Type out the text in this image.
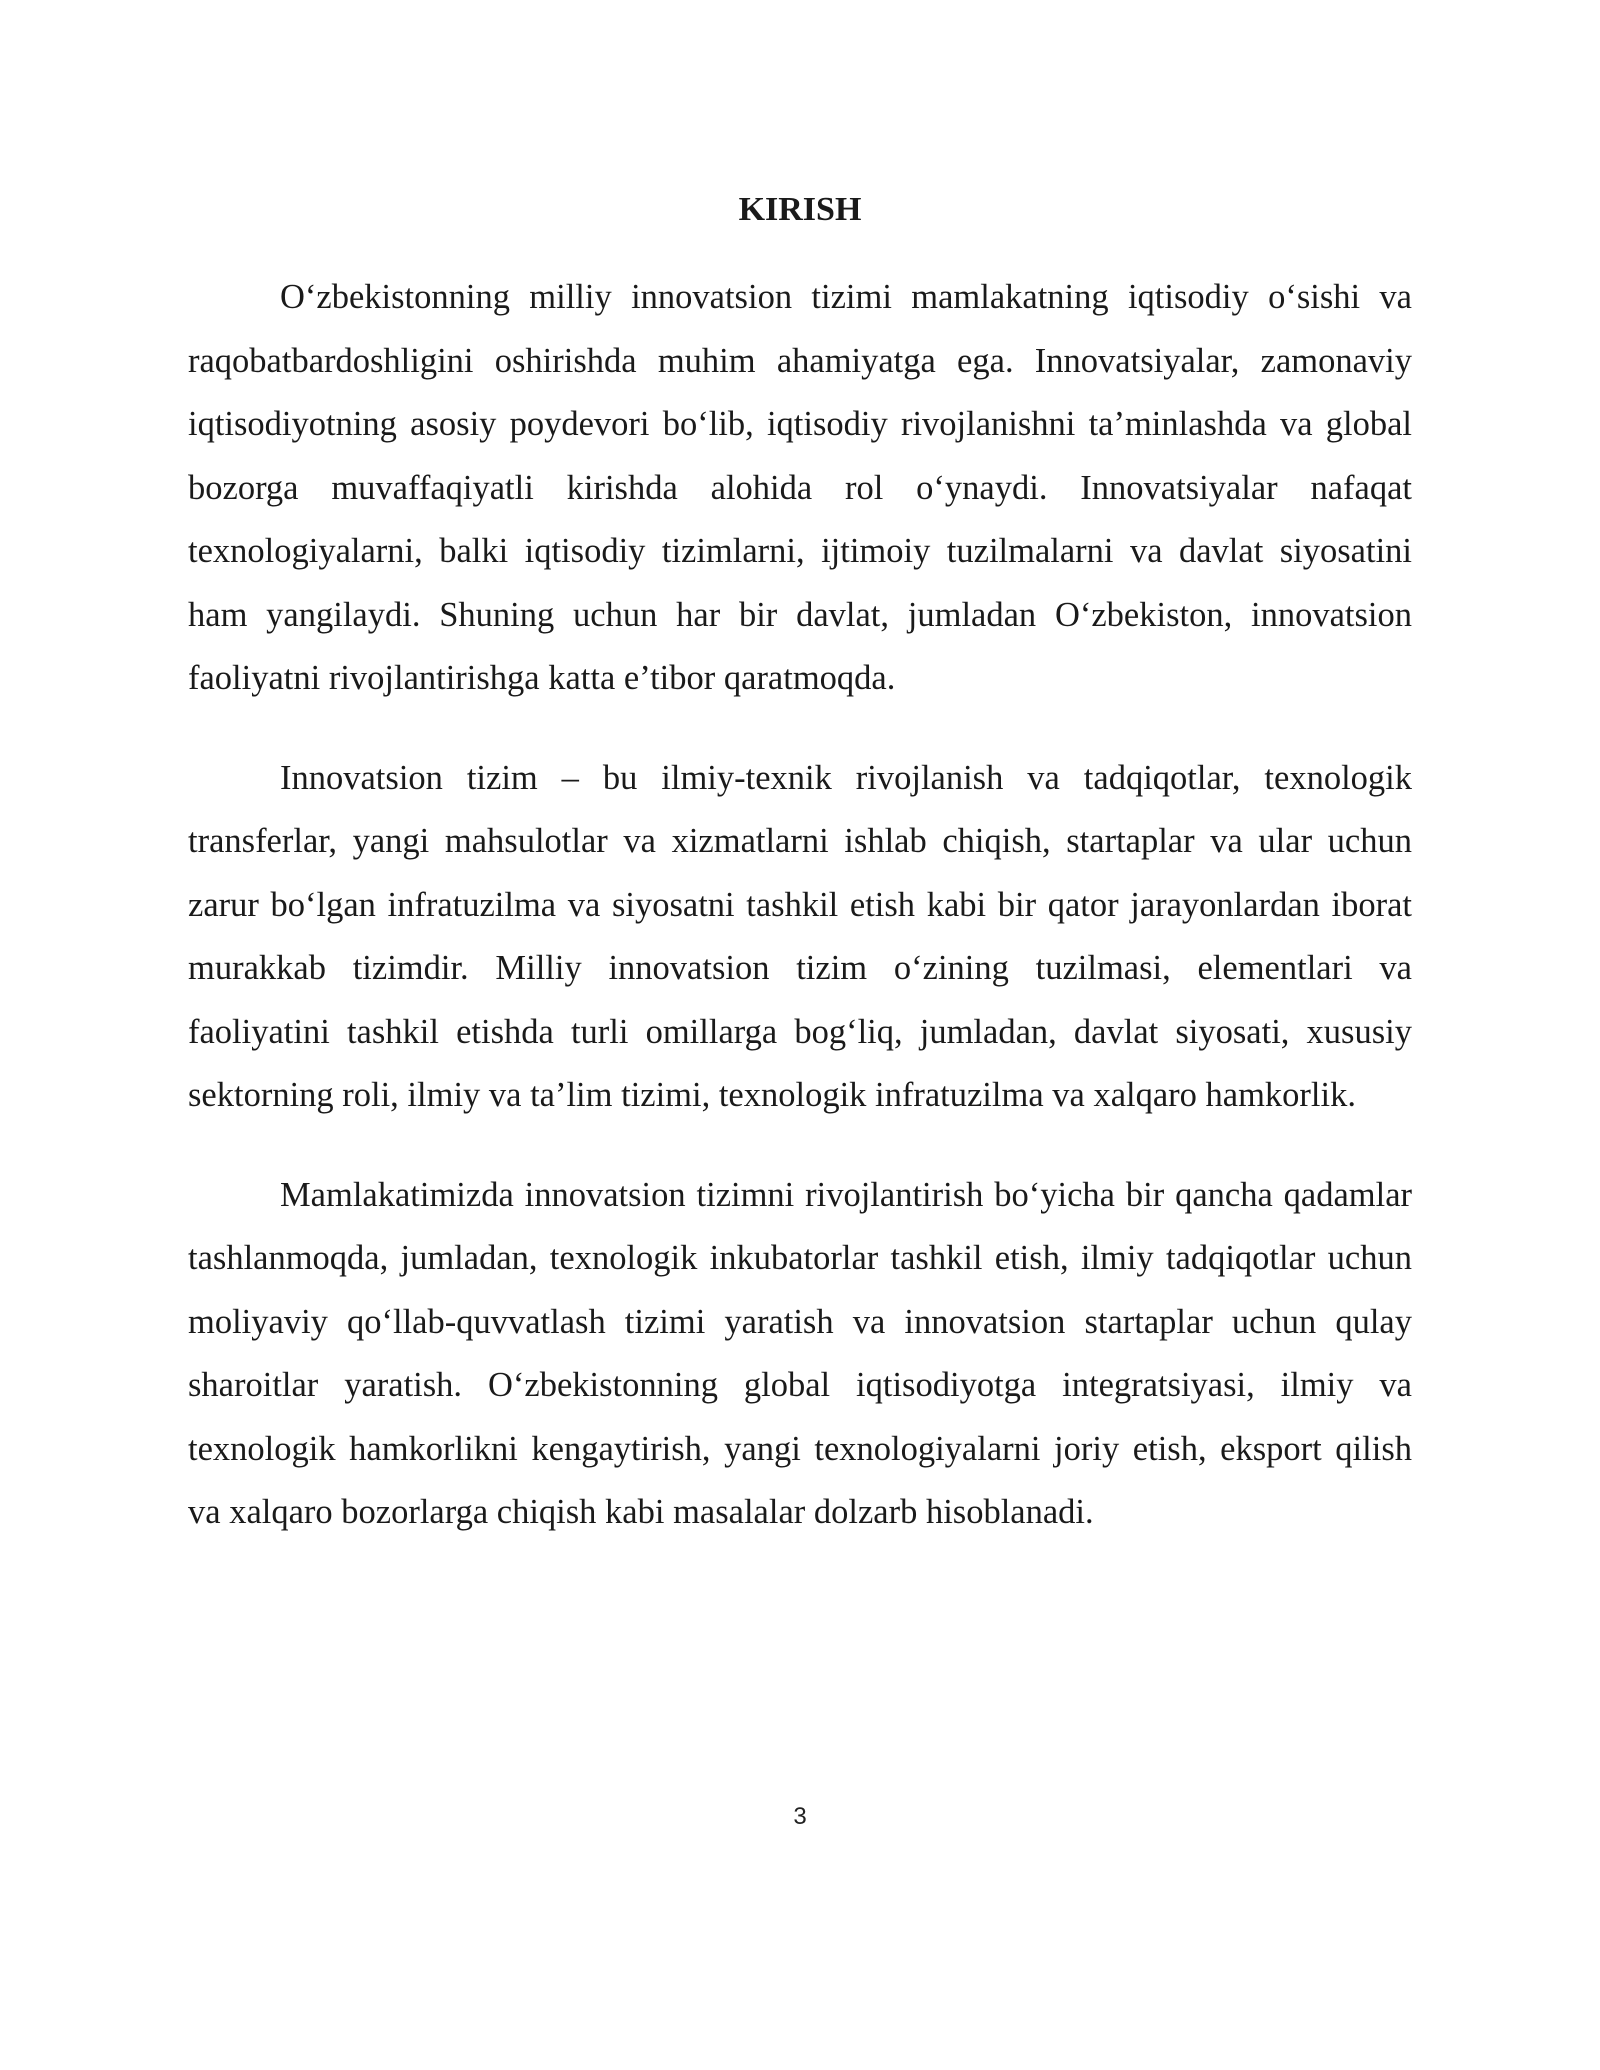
KIRISH

O‘zbekistonning milliy innovatsion tizimi mamlakatning iqtisodiy o‘sishi va raqobatbardoshligini oshirishda muhim ahamiyatga ega. Innovatsiyalar, zamonaviy iqtisodiyotning asosiy poydevori bo‘lib, iqtisodiy rivojlanishni ta’minlashda va global bozorga muvaffaqiyatli kirishda alohida rol o‘ynaydi. Innovatsiyalar nafaqat texnologiyalarni, balki iqtisodiy tizimlarni, ijtimoiy tuzilmalarni va davlat siyosatini ham yangilaydi. Shuning uchun har bir davlat, jumladan O‘zbekiston, innovatsion faoliyatni rivojlantirishga katta e’tibor qaratmoqda.

Innovatsion tizim – bu ilmiy-texnik rivojlanish va tadqiqotlar, texnologik transferlar, yangi mahsulotlar va xizmatlarni ishlab chiqish, startaplar va ular uchun zarur bo‘lgan infratuzilma va siyosatni tashkil etish kabi bir qator jarayonlardan iborat murakkab tizimdir. Milliy innovatsion tizim o‘zining tuzilmasi, elementlari va faoliyatini tashkil etishda turli omillarga bog‘liq, jumladan, davlat siyosati, xususiy sektorning roli, ilmiy va ta’lim tizimi, texnologik infratuzilma va xalqaro hamkorlik.

Mamlakatimizda innovatsion tizimni rivojlantirish bo‘yicha bir qancha qadamlar tashlanmoqda, jumladan, texnologik inkubatorlar tashkil etish, ilmiy tadqiqotlar uchun moliyaviy qo‘llab-quvvatlash tizimi yaratish va innovatsion startaplar uchun qulay sharoitlar yaratish. O‘zbekistonning global iqtisodiyotga integratsiyasi, ilmiy va texnologik hamkorlikni kengaytirish, yangi texnologiyalarni joriy etish, eksport qilish va xalqaro bozorlarga chiqish kabi masalalar dolzarb hisoblanadi.

3
